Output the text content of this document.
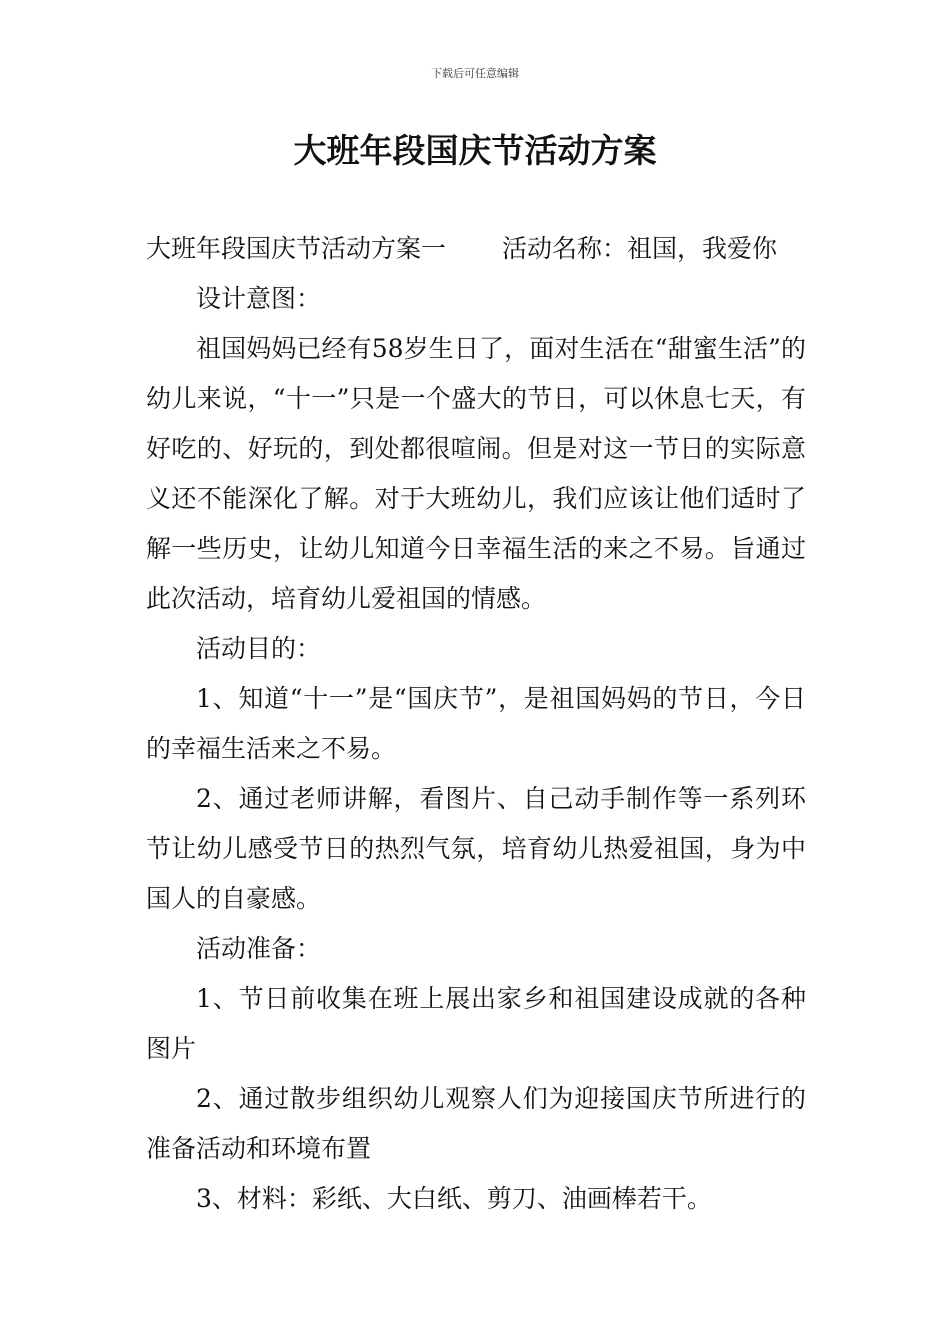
下载后可任意编辑
大班年段国庆节活动方案

大班年段国庆节活动方案一 活动名称：祖国，我爱你

设计意图：

祖国妈妈已经有58岁生日了，面对生活在“甜蜜生活”的幼儿来说，“十一”只是一个盛大的节日，可以休息七天，有好吃的、好玩的，到处都很喧闹。但是对这一节日的实际意义还不能深化了解。对于大班幼儿，我们应该让他们适时了解一些历史，让幼儿知道今日幸福生活的来之不易。旨通过此次活动，培育幼儿爱祖国的情感。

活动目的：

1、知道“十一”是“国庆节”，是祖国妈妈的节日，今日的幸福生活来之不易。

2、通过老师讲解，看图片、自己动手制作等一系列环节让幼儿感受节日的热烈气氛，培育幼儿热爱祖国，身为中国人的自豪感。

活动准备：

1、节日前收集在班上展出家乡和祖国建设成就的各种图片

2、通过散步组织幼儿观察人们为迎接国庆节所进行的准备活动和环境布置

3、材料：彩纸、大白纸、剪刀、油画棒若干。
